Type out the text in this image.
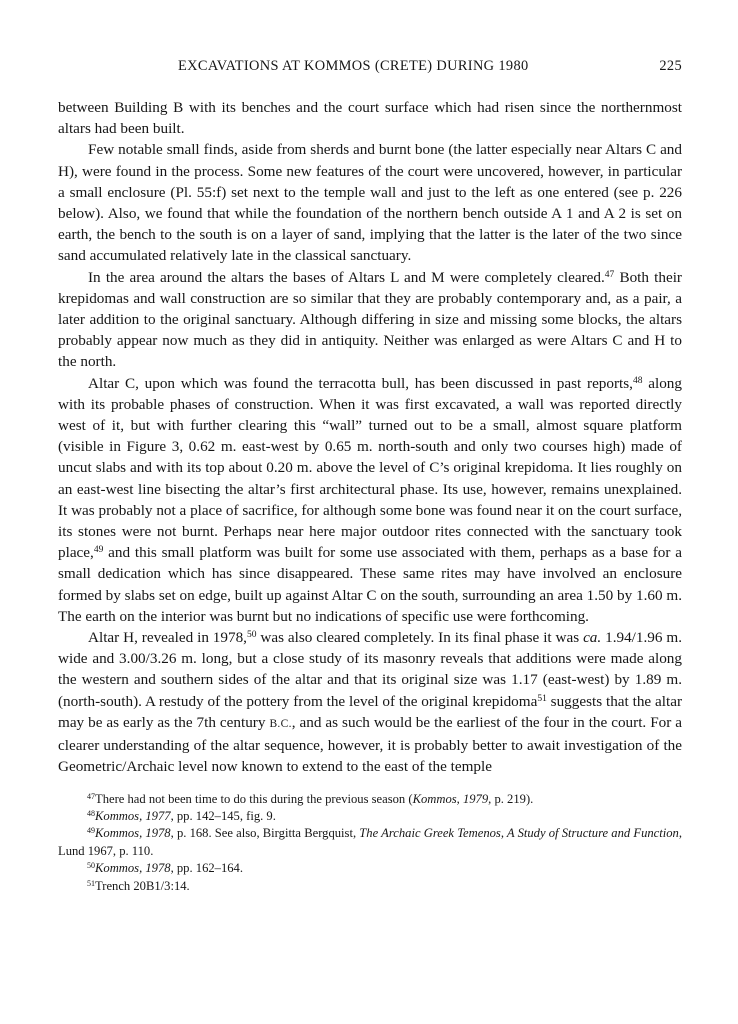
EXCAVATIONS AT KOMMOS (CRETE) DURING 1980	225

between Building B with its benches and the court surface which had risen since the northernmost altars had been built.

Few notable small finds, aside from sherds and burnt bone (the latter especially near Altars C and H), were found in the process. Some new features of the court were uncovered, however, in particular a small enclosure (Pl. 55:f) set next to the temple wall and just to the left as one entered (see p. 226 below). Also, we found that while the foundation of the northern bench outside A 1 and A 2 is set on earth, the bench to the south is on a layer of sand, implying that the latter is the later of the two since sand accumulated relatively late in the classical sanctuary.

In the area around the altars the bases of Altars L and M were completely cleared.$^{47}$ Both their krepidomas and wall construction are so similar that they are probably contemporary and, as a pair, a later addition to the original sanctuary. Although differing in size and missing some blocks, the altars probably appear now much as they did in antiquity. Neither was enlarged as were Altars C and H to the north.

Altar C, upon which was found the terracotta bull, has been discussed in past reports,$^{48}$ along with its probable phases of construction. When it was first excavated, a wall was reported directly west of it, but with further clearing this “wall” turned out to be a small, almost square platform (visible in Figure 3, 0.62 m. east-west by 0.65 m. north-south and only two courses high) made of uncut slabs and with its top about 0.20 m. above the level of C’s original krepidoma. It lies roughly on an east-west line bisecting the altar’s first architectural phase. Its use, however, remains unexplained. It was probably not a place of sacrifice, for although some bone was found near it on the court surface, its stones were not burnt. Perhaps near here major outdoor rites connected with the sanctuary took place,$^{49}$ and this small platform was built for some use associated with them, perhaps as a base for a small dedication which has since disappeared. These same rites may have involved an enclosure formed by slabs set on edge, built up against Altar C on the south, surrounding an area 1.50 by 1.60 m. The earth on the interior was burnt but no indications of specific use were forthcoming.

Altar H, revealed in 1978,50 was also cleared completely. In its final phase it was ca. 1.94/1.96 m. wide and 3.00/3.26 m. long, but a close study of its masonry reveals that additions were made along the western and southern sides of the altar and that its original size was 1.17 (east-west) by 1.89 m. (north-south). A restudy of the pottery from the level of the original krepidoma$^{51}$ suggests that the altar may be as early as the 7th century B.C., and as such would be the earliest of the four in the court. For a clearer understanding of the altar sequence, however, it is probably better to await investigation of the Geometric/Archaic level now known to extend to the east of the temple

$^{47}$There had not been time to do this during the previous season (Kommos, 1979, p. 219).
$^{48}$Kommos, 1977, pp. 142–145, fig. 9.
$^{49}$Kommos, 1978, p. 168. See also, Birgitta Bergquist, The Archaic Greek Temenos, A Study of Structure and Function, Lund 1967, p. 110.
$^{50}$Kommos, 1978, pp. 162–164.
$^{51}$Trench 20B1/3:14.
